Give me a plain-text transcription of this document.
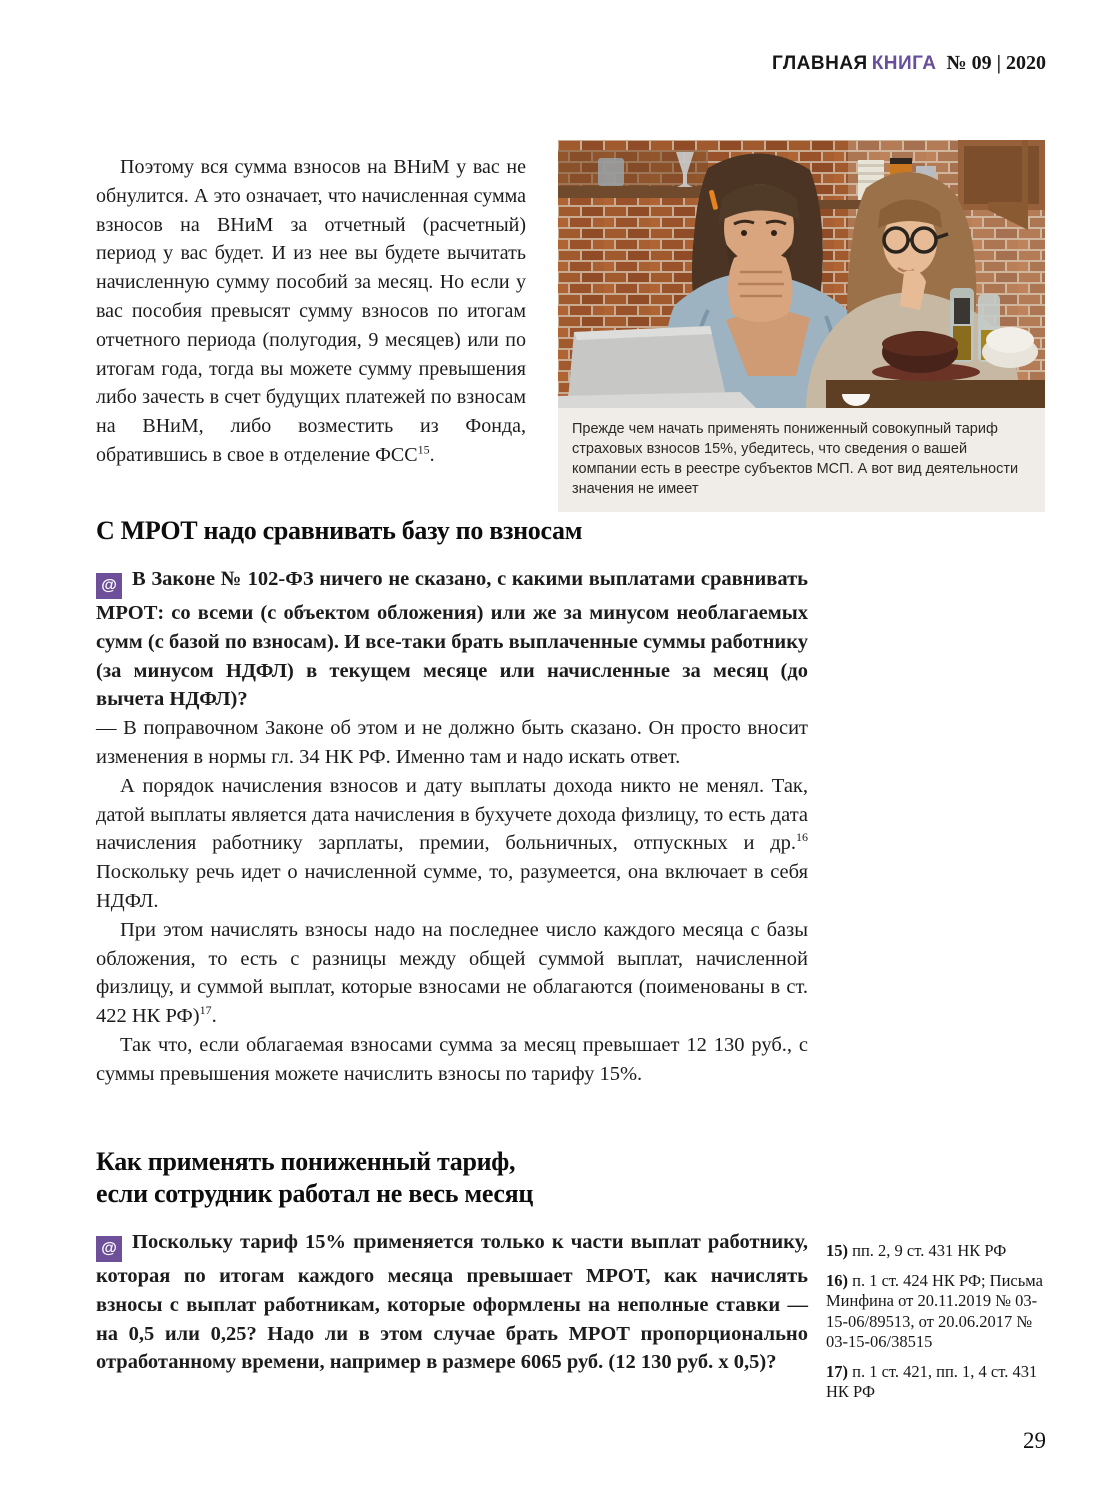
ГЛАВНАЯ КНИГА № 09 | 2020

Поэтому вся сумма взносов на ВНиМ у вас не обнулится. А это означает, что начисленная сумма взносов на ВНиМ за отчетный (расчетный) период у вас будет. И из нее вы будете вычитать начисленную сумму пособий за месяц. Но если у вас пособия превысят сумму взносов по итогам отчетного периода (полугодия, 9 месяцев) или по итогам года, тогда вы можете сумму превышения либо зачесть в счет будущих платежей по взносам на ВНиМ, либо возместить из Фонда, обратившись в свое в отделение ФСС$^{15}$.

Прежде чем начать применять пониженный совокупный тариф страховых взносов 15%, убедитесь, что сведения о вашей компании есть в реестре субъектов МСП. А вот вид деятельности значения не имеет
С МРОТ надо сравнивать базу по взносам

@ В Законе № 102-ФЗ ничего не сказано, с какими выплатами сравнивать МРОТ: со всеми (с объектом обложения) или же за минусом необлагаемых сумм (с базой по взносам). И все-таки брать выплаченные суммы работнику (за минусом НДФЛ) в текущем месяце или начисленные за месяц (до вычета НДФЛ)?

— В поправочном Законе об этом и не должно быть сказано. Он просто вносит изменения в нормы гл. 34 НК РФ. Именно там и надо искать ответ.

А порядок начисления взносов и дату выплаты дохода никто не менял. Так, датой выплаты является дата начисления в бухучете дохода физлицу, то есть дата начисления работнику зарплаты, премии, больничных, отпускных и др.$^{16}$ Поскольку речь идет о начисленной сумме, то, разумеется, она включает в себя НДФЛ.

При этом начислять взносы надо на последнее число каждого месяца с базы обложения, то есть с разницы между общей суммой выплат, начисленной физлицу, и суммой выплат, которые взносами не облагаются (поименованы в ст. 422 НК РФ)$^{17}$.

Так что, если облагаемая взносами сумма за месяц превышает 12 130 руб., с суммы превышения можете начислить взносы по тарифу 15%.

Как применять пониженный тариф,
если сотрудник работал не весь месяц

@ Поскольку тариф 15% применяется только к части выплат работнику, которая по итогам каждого месяца превышает МРОТ, как начислять взносы с выплат работникам, которые оформлены на неполные ставки — на 0,5 или 0,25? Надо ли в этом случае брать МРОТ пропорционально отработанному времени, например в размере 6065 руб. (12 130 руб. х 0,5)?

15) пп. 2, 9 ст. 431 НК РФ
16) п. 1 ст. 424 НК РФ; Письма Минфина от 20.11.2019 № 03-15-06/89513, от 20.06.2017 № 03-15-06/38515
17) п. 1 ст. 421, пп. 1, 4 ст. 431 НК РФ
29
